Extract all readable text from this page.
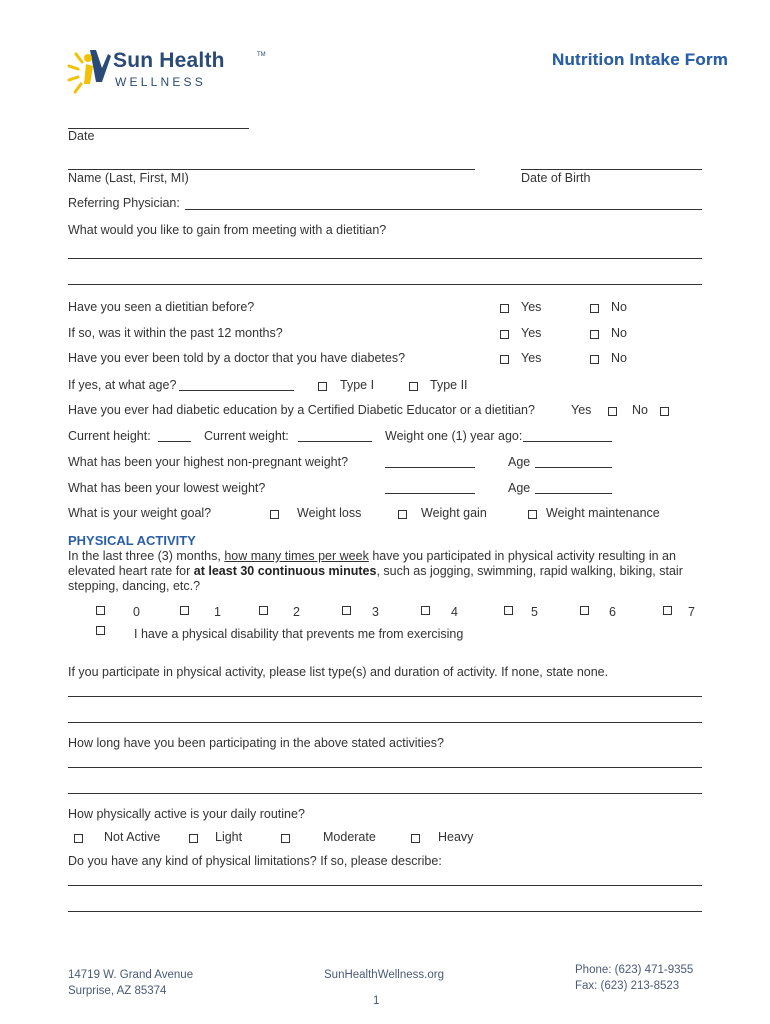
Sun Health	TM
WELLNESS
Nutrition Intake Form
Date
Name (Last, First, MI)	Date of Birth
Referring Physician:
What would you like to gain from meeting with a dietitian?
Have you seen a dietitian before?	Yes	No
If so, was it within the past 12 months?	Yes	No
Have you ever been told by a doctor that you have diabetes?	Yes	No
If yes, at what age?	Type I	Type II
Have you ever had diabetic education by a Certified Diabetic Educator or a dietitian?	Yes	No
Current height:	Current weight:	Weight one (1) year ago:
What has been your highest non-pregnant weight?	Age
What has been your lowest weight?	Age
What is your weight goal?	Weight loss	Weight gain	Weight maintenance
PHYSICAL ACTIVITY
In the last three (3) months, how many times per week have you participated in physical activity resulting in an elevated heart rate for at least 30 continuous minutes, such as jogging, swimming, rapid walking, biking, stair stepping, dancing, etc.?
0	1	2	3	4	5	6	7
I have a physical disability that prevents me from exercising
If you participate in physical activity, please list type(s) and duration of activity. If none, state none.
How long have you been participating in the above stated activities?
How physically active is your daily routine?
Not Active	Light	Moderate	Heavy
Do you have any kind of physical limitations? If so, please describe:
14719 W. Grand Avenue
Surprise, AZ 85374
SunHealthWellness.org
1
Phone: (623) 471-9355
Fax: (623) 213-8523
